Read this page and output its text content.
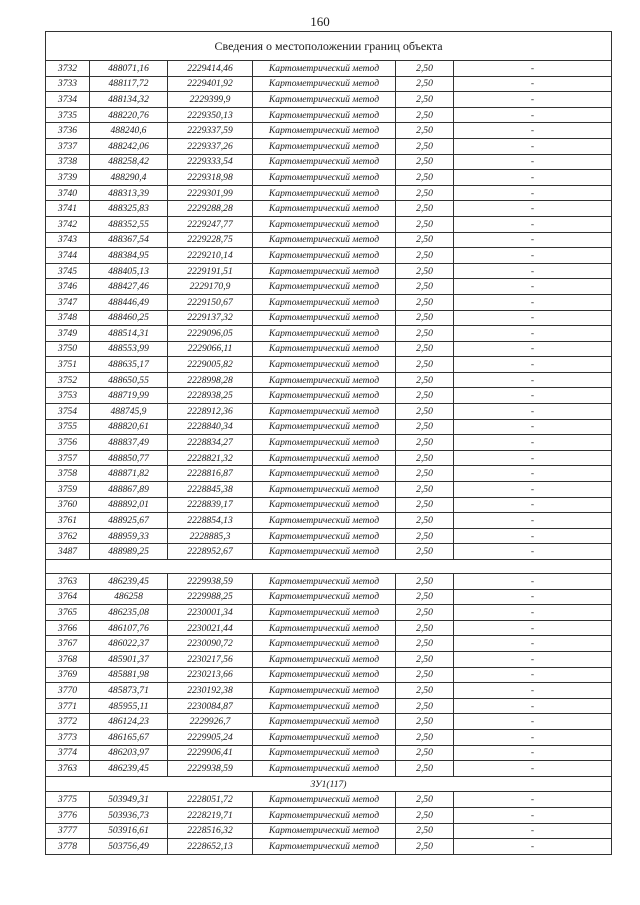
160
Сведения о местоположении границ объекта					
3732	488071,16	2229414,46	Картометрический метод	2,50	-
3733	488117,72	2229401,92	Картометрический метод	2,50	-
3734	488134,32	2229399,9	Картометрический метод	2,50	-
3735	488220,76	2229350,13	Картометрический метод	2,50	-
3736	488240,6	2229337,59	Картометрический метод	2,50	-
3737	488242,06	2229337,26	Картометрический метод	2,50	-
3738	488258,42	2229333,54	Картометрический метод	2,50	-
3739	488290,4	2229318,98	Картометрический метод	2,50	-
3740	488313,39	2229301,99	Картометрический метод	2,50	-
3741	488325,83	2229288,28	Картометрический метод	2,50	-
3742	488352,55	2229247,77	Картометрический метод	2,50	-
3743	488367,54	2229228,75	Картометрический метод	2,50	-
3744	488384,95	2229210,14	Картометрический метод	2,50	-
3745	488405,13	2229191,51	Картометрический метод	2,50	-
3746	488427,46	2229170,9	Картометрический метод	2,50	-
3747	488446,49	2229150,67	Картометрический метод	2,50	-
3748	488460,25	2229137,32	Картометрический метод	2,50	-
3749	488514,31	2229096,05	Картометрический метод	2,50	-
3750	488553,99	2229066,11	Картометрический метод	2,50	-
3751	488635,17	2229005,82	Картометрический метод	2,50	-
3752	488650,55	2228998,28	Картометрический метод	2,50	-
3753	488719,99	2228938,25	Картометрический метод	2,50	-
3754	488745,9	2228912,36	Картометрический метод	2,50	-
3755	488820,61	2228840,34	Картометрический метод	2,50	-
3756	488837,49	2228834,27	Картометрический метод	2,50	-
3757	488850,77	2228821,32	Картометрический метод	2,50	-
3758	488871,82	2228816,87	Картометрический метод	2,50	-
3759	488867,89	2228845,38	Картометрический метод	2,50	-
3760	488892,01	2228839,17	Картометрический метод	2,50	-
3761	488925,67	2228854,13	Картометрический метод	2,50	-
3762	488959,33	2228885,3	Картометрический метод	2,50	-
3487	488989,25	2228952,67	Картометрический метод	2,50	-

3763	486239,45	2229938,59	Картометрический метод	2,50	-
3764	486258	2229988,25	Картометрический метод	2,50	-
3765	486235,08	2230001,34	Картометрический метод	2,50	-
3766	486107,76	2230021,44	Картометрический метод	2,50	-
3767	486022,37	2230090,72	Картометрический метод	2,50	-
3768	485901,37	2230217,56	Картометрический метод	2,50	-
3769	485881,98	2230213,66	Картометрический метод	2,50	-
3770	485873,71	2230192,38	Картометрический метод	2,50	-
3771	485955,11	2230084,87	Картометрический метод	2,50	-
3772	486124,23	2229926,7	Картометрический метод	2,50	-
3773	486165,67	2229905,24	Картометрический метод	2,50	-
3774	486203,97	2229906,41	Картометрический метод	2,50	-
3763	486239,45	2229938,59	Картометрический метод	2,50	-
ЗУ1(117)					
3775	503949,31	2228051,72	Картометрический метод	2,50	-
3776	503936,73	2228219,71	Картометрический метод	2,50	-
3777	503916,61	2228516,32	Картометрический метод	2,50	-
3778	503756,49	2228652,13	Картометрический метод	2,50	-
